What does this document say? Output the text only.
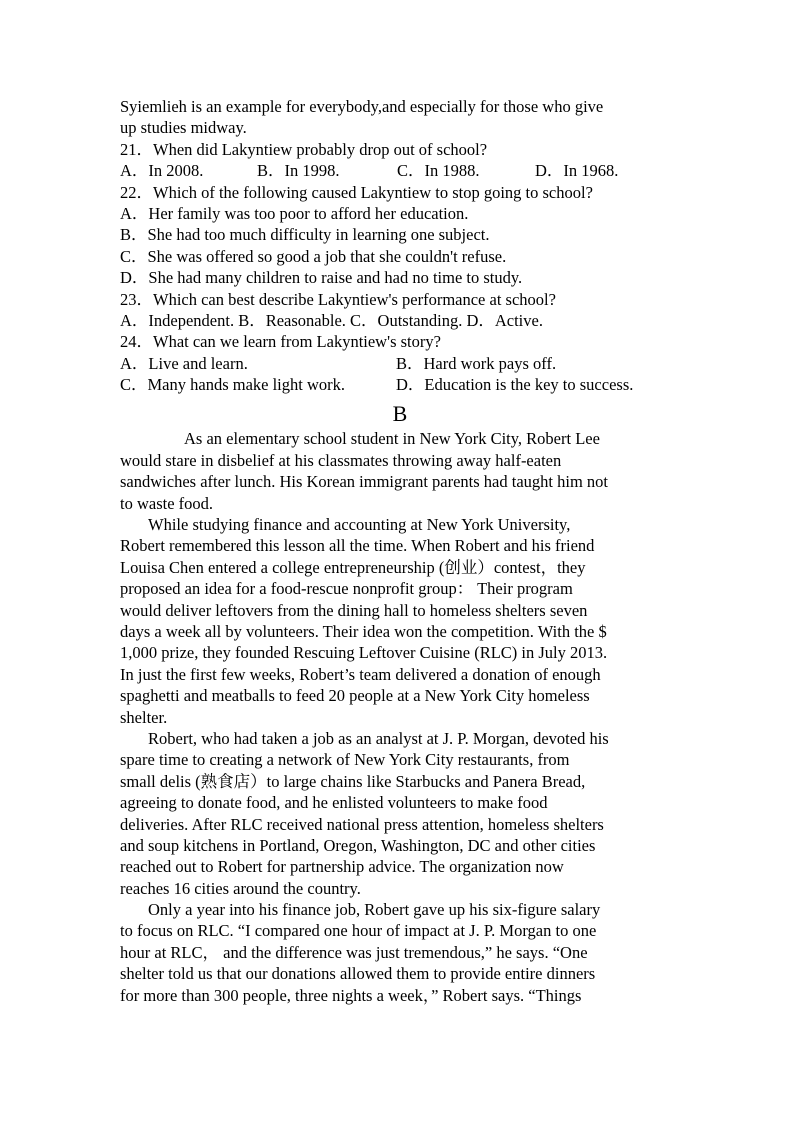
Syiemlieh is an example for everybody,and especially for those who give
up studies midway.
21．When did Lakyntiew probably drop out of school?
A．In 2008.	B．In 1998.	C．In 1988.	D．In 1968.
22．Which of the following caused Lakyntiew to stop going to school?
A．Her family was too poor to afford her education.
B．She had too much difficulty in learning one subject.
C．She was offered so good a job that she couldn't refuse.
D．She had many children to raise and had no time to study.
23．Which can best describe Lakyntiew's performance at school?
A．Independent. B．Reasonable. C．Outstanding. D．Active.
24．What can we learn from Lakyntiew's story?
A．Live and learn.	B．Hard work pays off.
C．Many hands make light work.	D．Education is the key to success.
B
As an elementary school student in New York City, Robert Lee
would stare in disbelief at his classmates throwing away half-eaten
sandwiches after lunch. His Korean immigrant parents had taught him not
to waste food.
While studying finance and accounting at New York University,
Robert remembered this lesson all the time. When Robert and his friend
Louisa Chen entered a college entrepreneurship (创业）contest，they
proposed an idea for a food-rescue nonprofit group： Their program
would deliver leftovers from the dining hall to homeless shelters seven
days a week all by volunteers. Their idea won the competition. With the $
1,000 prize, they founded Rescuing Leftover Cuisine (RLC) in July 2013.
In just the first few weeks, Robert’s team delivered a donation of enough
spaghetti and meatballs to feed 20 people at a New York City homeless
shelter.
Robert, who had taken a job as an analyst at J. P. Morgan, devoted his
spare time to creating a network of New York City restaurants, from
small delis (熟食店）to large chains like Starbucks and Panera Bread,
agreeing to donate food, and he enlisted volunteers to make food
deliveries. After RLC received national press attention, homeless shelters
and soup kitchens in Portland, Oregon, Washington, DC and other cities
reached out to Robert for partnership advice. The organization now
reaches 16 cities around the country.
Only a year into his finance job, Robert gave up his six-figure salary
to focus on RLC. “I compared one hour of impact at J. P. Morgan to one
hour at RLC， and the difference was just tremendous,” he says. “One
shelter told us that our donations allowed them to provide entire dinners
for more than 300 people, three nights a week，” Robert says. “Things
